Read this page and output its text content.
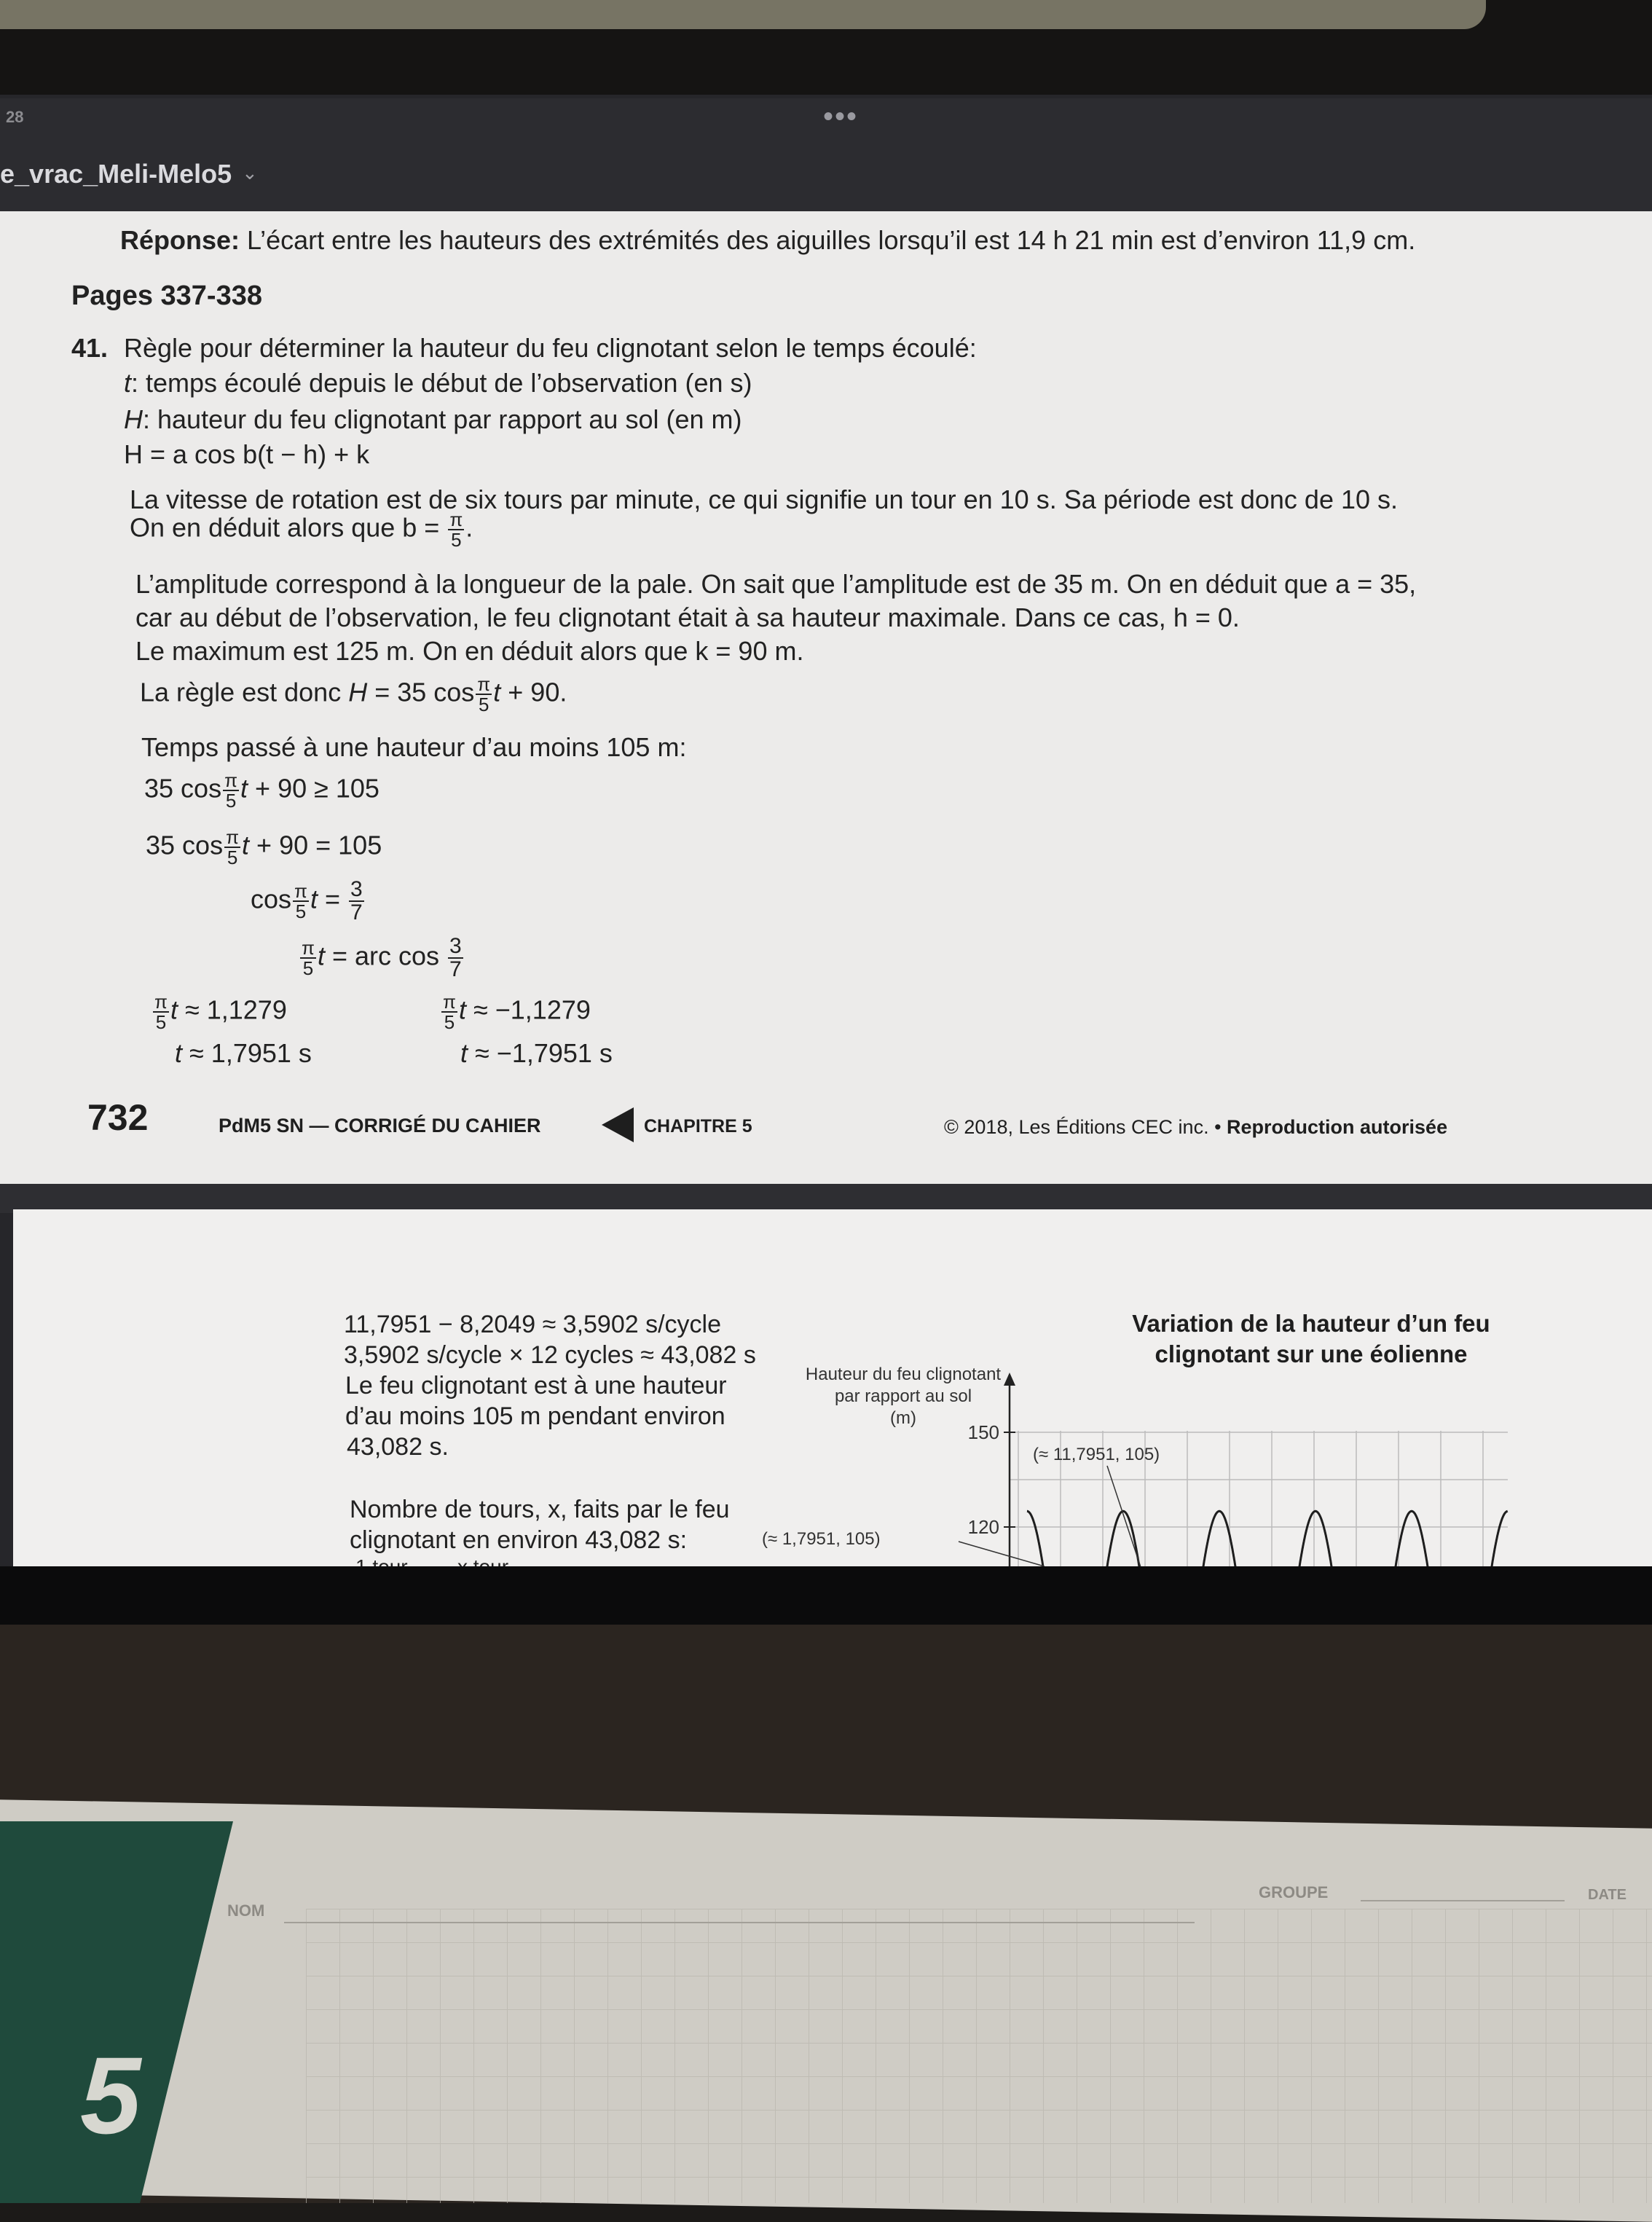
28	•••
e_vrac_Meli-Melo5 ⌄
Réponse: L’écart entre les hauteurs des extrémités des aiguilles lorsqu’il est 14 h 21 min est d’environ 11,9 cm.
Pages 337-338
41. Règle pour déterminer la hauteur du feu clignotant selon le temps écoulé:
t: temps écoulé depuis le début de l’observation (en s)
H: hauteur du feu clignotant par rapport au sol (en m)
H = a cos b(t − h) + k
La vitesse de rotation est de six tours par minute, ce qui signifie un tour en 10 s. Sa période est donc de 10 s.
On en déduit alors que $b = \frac{\pi}{5}$ .
L’amplitude correspond à la longueur de la pale. On sait que l’amplitude est de 35 m. On en déduit que a = 35,
car au début de l’observation, le feu clignotant était à sa hauteur maximale. Dans ce cas, h = 0.
Le maximum est 125 m. On en déduit alors que k = 90 m.
La règle est donc H = 35 $\cos \frac{\pi}{5}$ t + 90.
Temps passé à une hauteur d’au moins 105 m:
35 $\cos \frac{\pi}{5}$ t + 90 ≥ 105
35 $\cos \frac{\pi}{5}$ t + 90 = 105
$\cos \frac{\pi}{5}$ $t = \frac{3}{7}$
$\frac{\pi}{5}$ t = arc $\cos \frac{3}{7}$
$\frac{\pi}{5}$ t ≈ 1,1279
t ≈ 1,7951 s
$\frac{\pi}{5}$ t ≈ −1,1279
t ≈ −1,7951 s
732	PdM5 SN — CORRIGÉ DU CAHIER	CHAPITRE 5	© 2018, Les Éditions CEC inc. • Reproduction autorisée
11,7951 − 8,2049 ≈ 3,5902 s/cycle
3,5902 s/cycle × 12 cycles ≈ 43,082 s
Le feu clignotant est à une hauteur
d’au moins 105 m pendant environ
43,082 s.
Nombre de tours, x, faits par le feu
clignotant en environ 43,082 s:
Variation de la hauteur d’un feu
clignotant sur une éolienne
Hauteur du feu clignotant
par rapport au sol
(m)
150
120
(≈ 11,7951, 105)
(≈ 1,7951, 105)
5
NOM
GROUPE	DATE
